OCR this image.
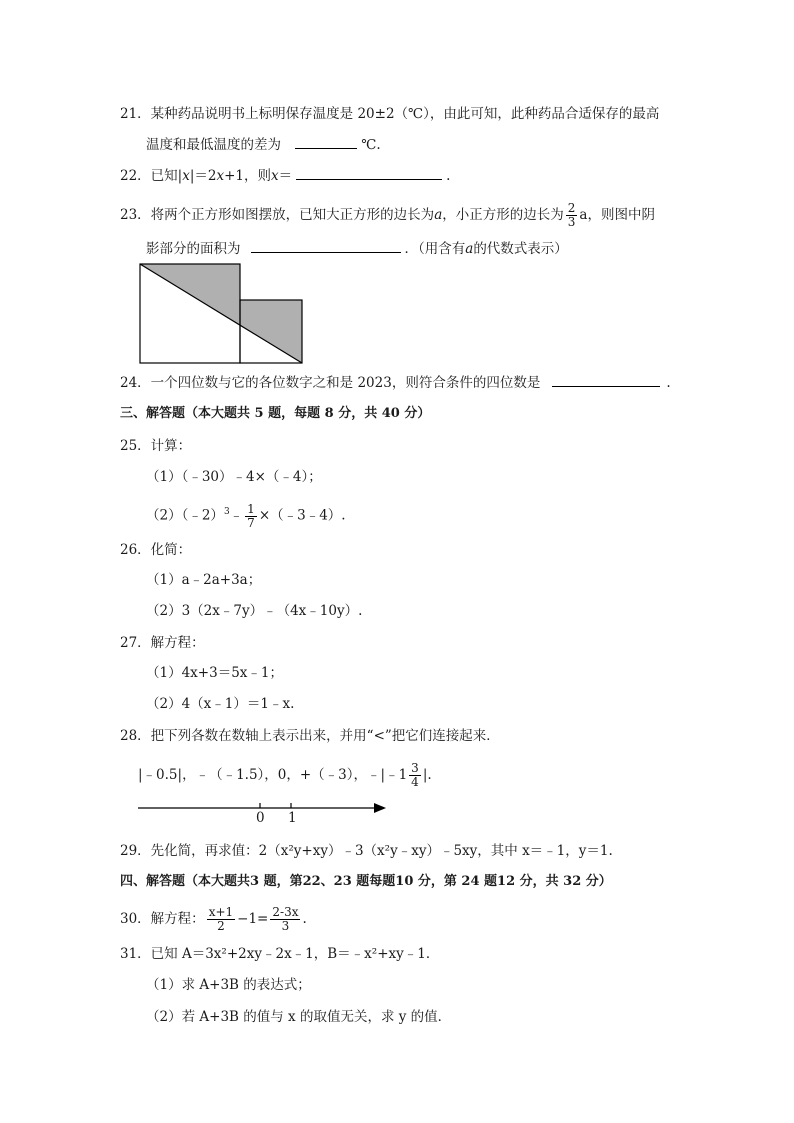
21．某种药品说明书上标明保存温度是 20±2（℃），由此可知，此种药品合适保存的最高
温度和最低温度的差为	℃.
22．已知|x|＝2x+1，则x＝	.
23．将两个正方形如图摆放，已知大正方形的边长为a，小正方形的边长为 $\frac{2}{3}$ a，则图中阴
影部分的面积为	．（用含有a的代数式表示）
24．一个四位数与它的各位数字之和是 2023，则符合条件的四位数是	.
三、解答题（本大题共 5 题，每题 8 分，共 40 分）
25．计算：
（1）（﹣30）﹣4×（﹣4）；
（2）（﹣2）$^3$﹣ $\frac{1}{7}$ ×（﹣3﹣4）.
26．化简：
（1）a﹣2a+3a；
（2）3（2x﹣7y）﹣（4x﹣10y）.
27．解方程：
（1）4x+3＝5x﹣1；
（2）4（x﹣1）＝1﹣x.
28．把下列各数在数轴上表示出来，并用“<”把它们连接起来．
|﹣0.5|，﹣（﹣1.5），0，+（﹣3），﹣|﹣1 $\frac{3}{4}$ |.
0 1
29．先化简，再求值：2（x²y+xy）﹣3（x²y﹣xy）﹣5xy，其中 x＝﹣1，y＝1.
四、解答题（本大题共3 题，第22、23 题每题10 分，第 24 题12 分，共 32 分）
30．解方程： $\frac{x+1}{2} -1= \frac{2-3x}{3}$ .
31．已知 A＝3x²+2xy﹣2x﹣1，B＝﹣x²+xy﹣1．
（1）求 A+3B 的表达式；
（2）若 A+3B 的值与 x 的取值无关，求 y 的值．
